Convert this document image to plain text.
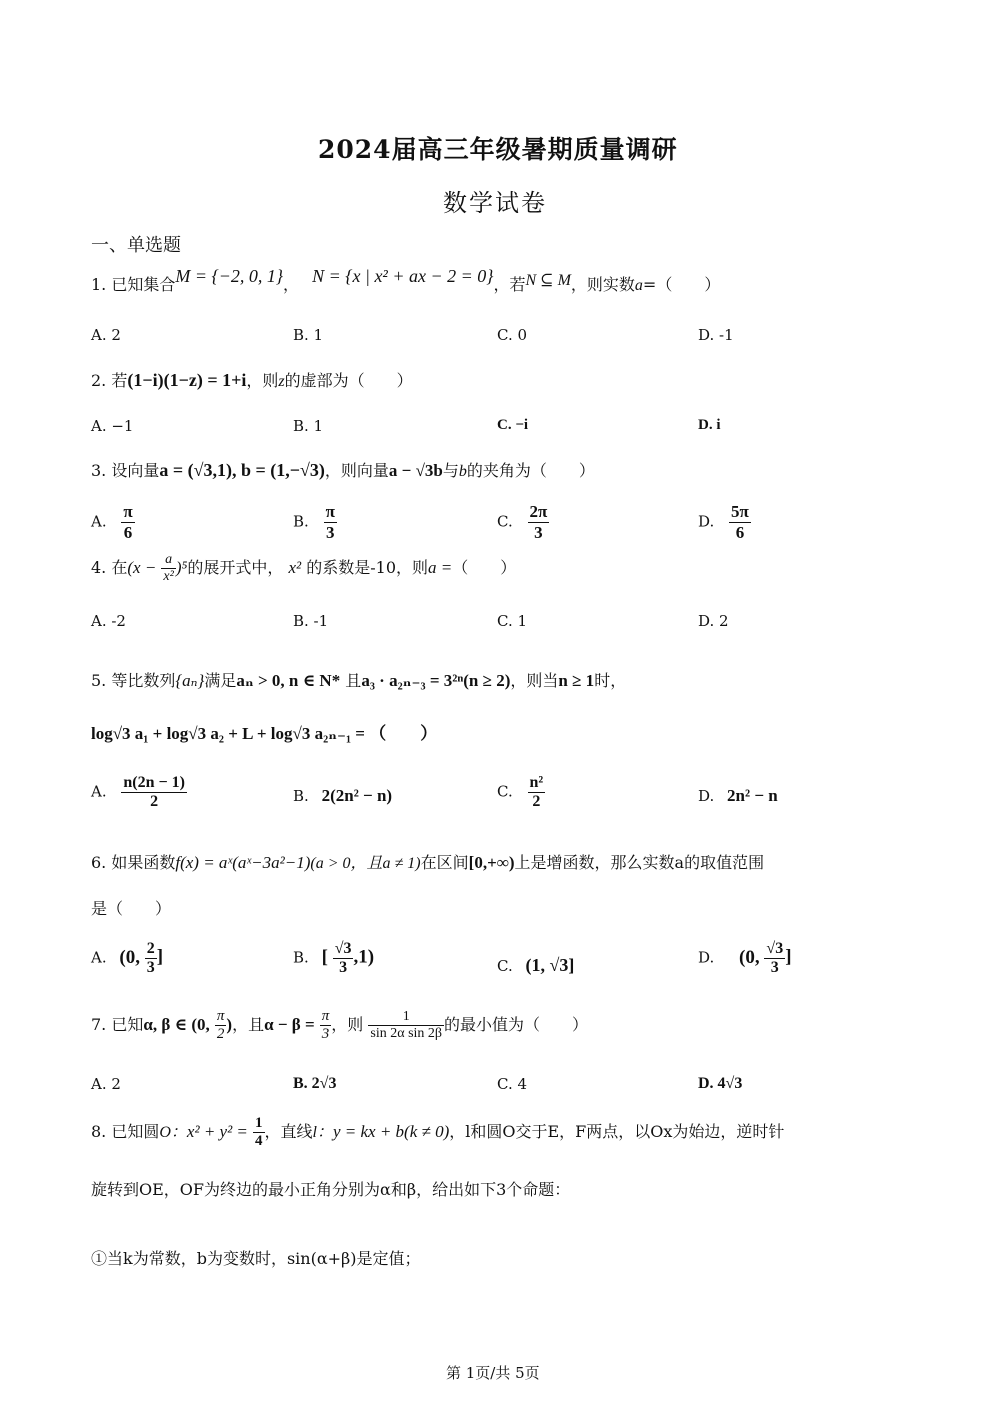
2024届高三年级暑期质量调研
数学试卷
一、单选题
1. 已知集合M = {−2, 0, 1}， N = {x | x² + ax − 2 = 0}，若N ⊆ M，则实数a=（　　）
A. 2	B. 1	C. 0	D. -1
2. 若(1−i)(1−z) = 1+i，则z的虚部为（　　）
A. −1	B. 1	C. −i	D. i
3. 设向量a = (√3,1), b = (1,−√3)，则向量a − √3b与b的夹角为（　　）
A. $\frac{\pi}{6}$	B. $\frac{\pi}{3}$	C. $\frac{2\pi}{3}$	D. $\frac{5\pi}{6}$
4. 在$(x - \frac{a}{\text{x²}} )^5$的展开式中， x² 的系数是-10，则a =（　　）
A. -2	B. -1	C. 1	D. 2
5. 等比数列{aₙ}满足aₙ > 0, n ∈ N* 且a₃ · a₂ₙ₋₃ = 3²ⁿ(n ≥ 2)，则当n ≥ 1时，
log√3 a₁ + log√3 a₂ + L + log√3 a₂ₙ₋₁ = （　　）
A. $\frac{n(2n - 1)}{2}$	B. 2(2n² − n)	C. $\frac{\text{n²}}{2}$	D. 2n² − n
6. 如果函数f(x) = aˣ(aˣ−3a²−1)(a > 0，且a ≠ 1)在区间[0,+∞)上是增函数，那么实数a的取值范围
是（　　）
A. (0, $\frac{2}{3}$ ]	B. [ $\frac{√3}{3} ,1$)	C. (1, √3]	D. (0, $\frac{√3}{3}$ ]
7. 已知α, β ∈ (0, $\frac{\pi}{2}$ )，且$\alpha - \beta = \frac{\pi}{3}$ ，则 $\frac{1}{\text{sin 2α sin 2β}}$ 的最小值为（　　）
A. 2	B. 2√3	C. 4	D. 4√3
8. 已知圆O：$x^2 + y^2 = \frac{1}{4}$ ，直线l：y = kx + b(k ≠ 0)，l和圆O交于E，F两点，以Ox为始边，逆时针
旋转到OE，OF为终边的最小正角分别为α和β，给出如下3个命题：
①当k为常数，b为变数时，sin(α+β)是定值；
第 1页/共 5页
